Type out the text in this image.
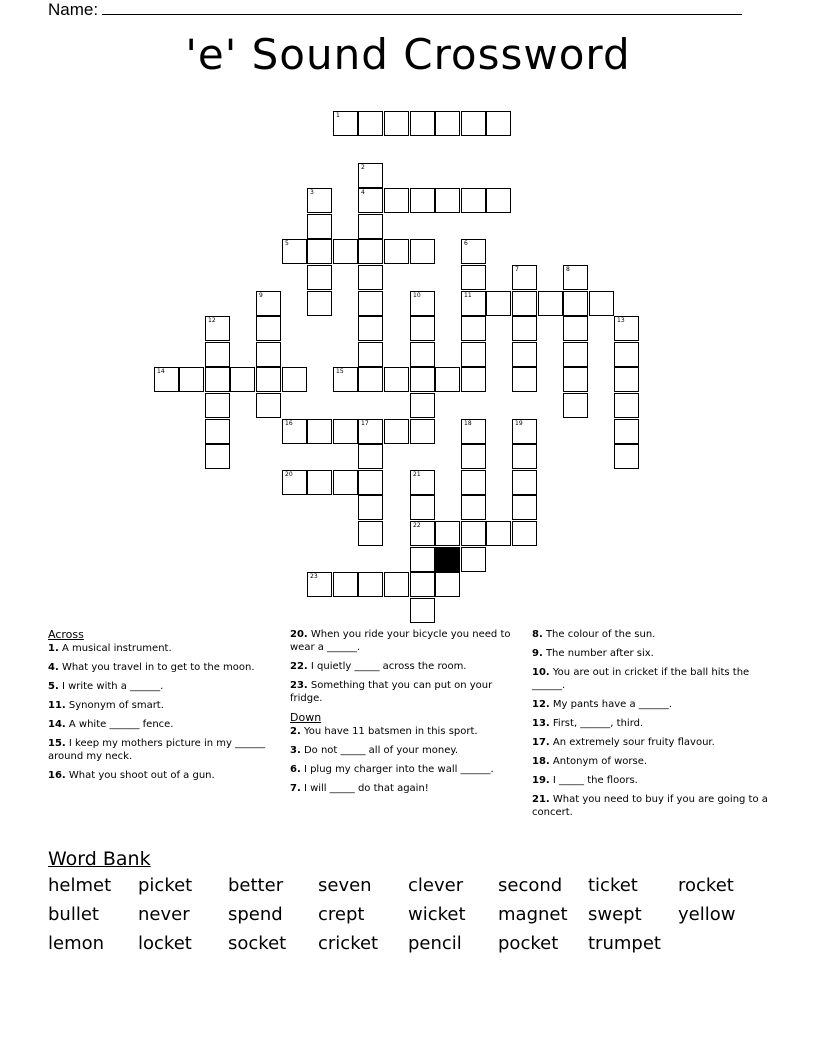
Name:
'e' Sound Crossword
1
2
3	4
5	6
7	8
9	10	11
12	13
14	15
16	17	18	19
20	21
22
23
Across
1. A musical instrument.
4. What you travel in to get to the moon.
5. I write with a ______.
11. Synonym of smart.
14. A white ______ fence.
15. I keep my mothers picture in my ______ around my neck.
16. What you shoot out of a gun.
20. When you ride your bicycle you need to wear a ______.
22. I quietly _____ across the room.
23. Something that you can put on your fridge.
Down
2. You have 11 batsmen in this sport.
3. Do not _____ all of your money.
6. I plug my charger into the wall ______.
7. I will _____ do that again!
8. The colour of the sun.
9. The number after six.
10. You are out in cricket if the ball hits the ______.
12. My pants have a ______.
13. First, ______, third.
17. An extremely sour fruity flavour.
18. Antonym of worse.
19. I _____ the floors.
21. What you need to buy if you are going to a concert.
Word Bank
helmet	picket	better	seven	clever	second	ticket	rocket
bullet	never	spend	crept	wicket	magnet	swept	yellow
lemon	locket	socket	cricket	pencil	pocket	trumpet
